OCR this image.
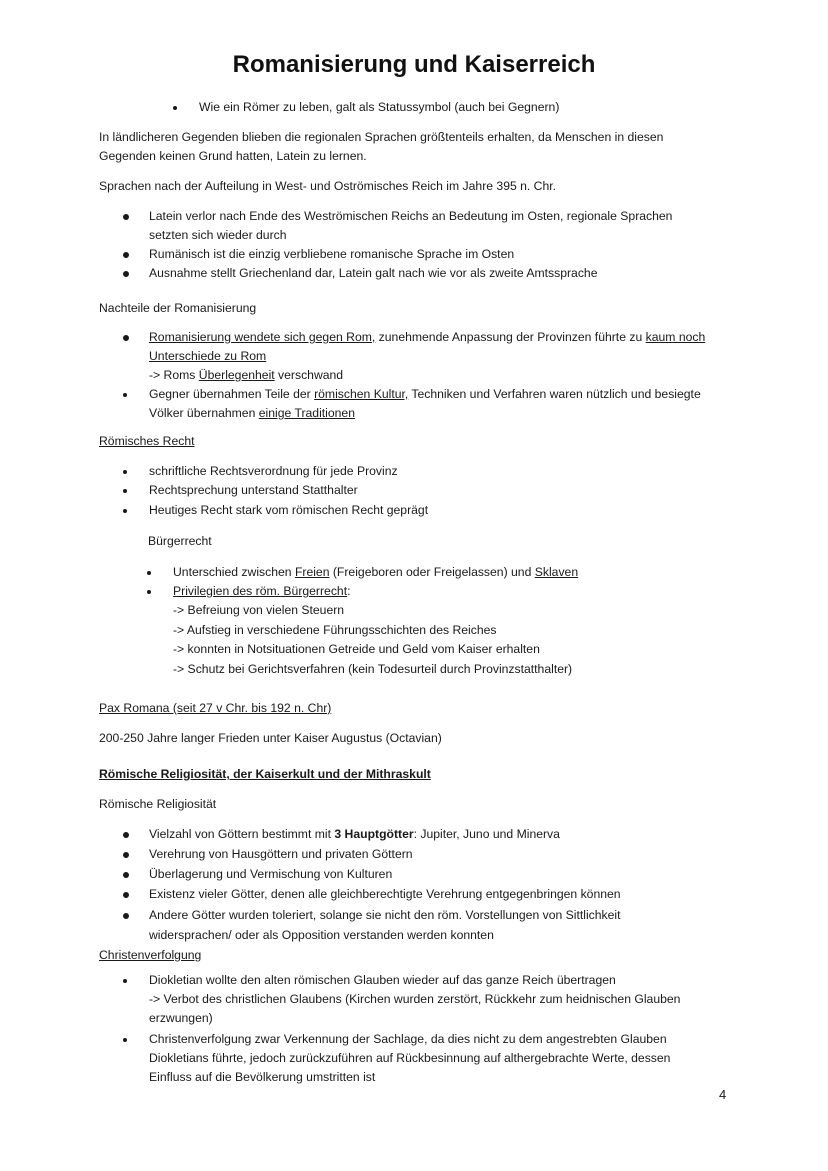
Romanisierung und Kaiserreich
Wie ein Römer zu leben, galt als Statussymbol (auch bei Gegnern)
In ländlicheren Gegenden blieben die regionalen Sprachen größtenteils erhalten, da Menschen in diesen
Gegenden keinen Grund hatten, Latein zu lernen.
Sprachen nach der Aufteilung in West- und Oströmisches Reich im Jahre 395 n. Chr.
Latein verlor nach Ende des Weströmischen Reichs an Bedeutung im Osten, regionale Sprachen
setzten sich wieder durch
Rumänisch ist die einzig verbliebene romanische Sprache im Osten
Ausnahme stellt Griechenland dar, Latein galt nach wie vor als zweite Amtssprache
Nachteile der Romanisierung
Romanisierung wendete sich gegen Rom, zunehmende Anpassung der Provinzen führte zu kaum noch
Unterschiede zu Rom
-> Roms Überlegenheit verschwand
Gegner übernahmen Teile der römischen Kultur, Techniken und Verfahren waren nützlich und besiegte
Völker übernahmen einige Traditionen
Römisches Recht
schriftliche Rechtsverordnung für jede Provinz
Rechtsprechung unterstand Statthalter
Heutiges Recht stark vom römischen Recht geprägt
Bürgerrecht
Unterschied zwischen Freien (Freigeboren oder Freigelassen) und Sklaven
Privilegien des röm. Bürgerrecht:
-> Befreiung von vielen Steuern
-> Aufstieg in verschiedene Führungsschichten des Reiches
-> konnten in Notsituationen Getreide und Geld vom Kaiser erhalten
-> Schutz bei Gerichtsverfahren (kein Todesurteil durch Provinzstatthalter)
Pax Romana (seit 27 v Chr. bis 192 n. Chr)
200-250 Jahre langer Frieden unter Kaiser Augustus (Octavian)
Römische Religiosität, der Kaiserkult und der Mithraskult
Römische Religiosität
Vielzahl von Göttern bestimmt mit 3 Hauptgötter: Jupiter, Juno und Minerva
Verehrung von Hausgöttern und privaten Göttern
Überlagerung und Vermischung von Kulturen
Existenz vieler Götter, denen alle gleichberechtigte Verehrung entgegenbringen können
Andere Götter wurden toleriert, solange sie nicht den röm. Vorstellungen von Sittlichkeit
widersprachen/ oder als Opposition verstanden werden konnten
Christenverfolgung
Diokletian wollte den alten römischen Glauben wieder auf das ganze Reich übertragen
-> Verbot des christlichen Glaubens (Kirchen wurden zerstört, Rückkehr zum heidnischen Glauben
erzwungen)
Christenverfolgung zwar Verkennung der Sachlage, da dies nicht zu dem angestrebten Glauben
Diokletians führte, jedoch zurückzuführen auf Rückbesinnung auf althergebrachte Werte, dessen
Einfluss auf die Bevölkerung umstritten ist
4
